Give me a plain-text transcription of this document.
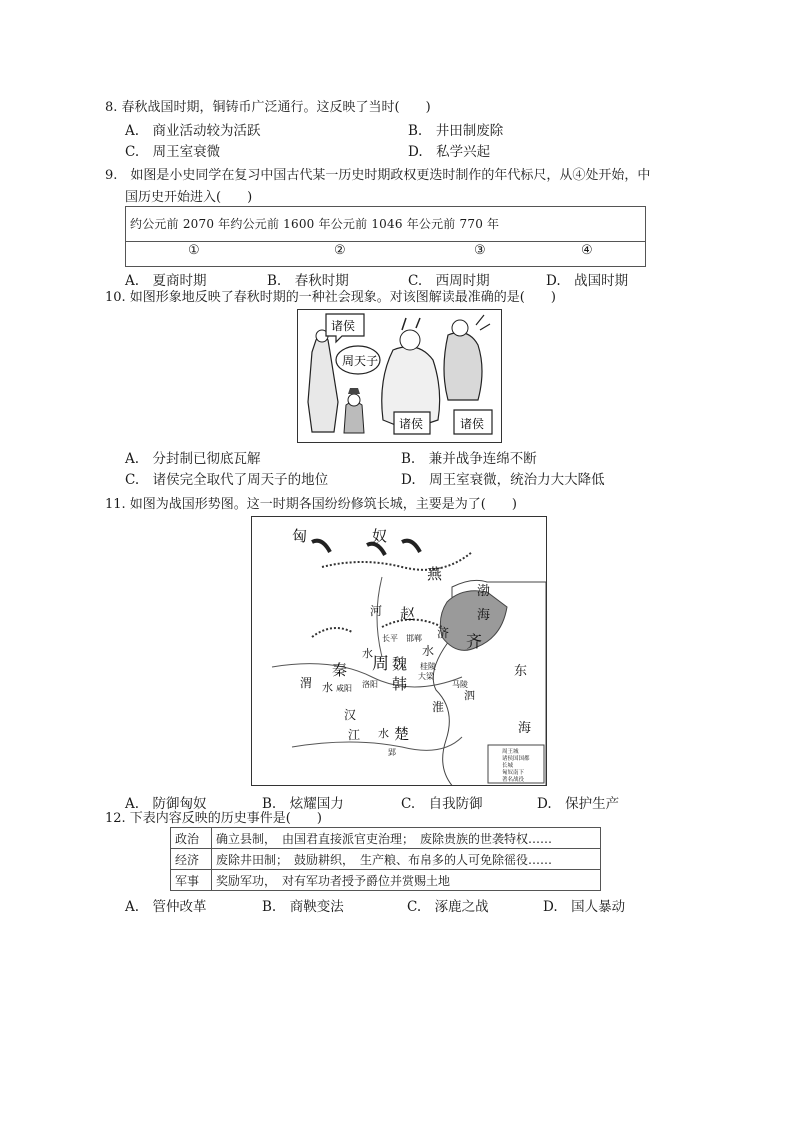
8. 春秋战国时期，铜铸币广泛通行。这反映了当时(　　)
A.　商业活动较为活跃	B.　井田制废除
C.　周王室衰微	D.　私学兴起
9.　如图是小史同学在复习中国古代某一历史时期政权更迭时制作的年代标尺，从④处开始，中
国历史开始进入(　　)
约公元前 2070 年约公元前 1600 年公元前 1046 年公元前 770 年
①	②	③	④
A.　夏商时期	B.　春秋时期	C.　西周时期	D.　战国时期
10. 如图形象地反映了春秋时期的一种社会现象。对该图解读最准确的是(　　)
诸侯
周天子
诸侯	诸侯
A.　分封制已彻底瓦解	B.　兼并战争连绵不断
C.　诸侯完全取代了周天子的地位	D.　周王室衰微，统治力大大降低
11. 如图为战国形势图。这一时期各国纷纷修筑长城，主要是为了(　　)
匈	奴
燕
渤
海
赵
河
齐
济
水
长平 邯郸
桂陵
大梁
秦 周 魏
韩
水
水
渭	咸阳 洛阳	马陵
东
海
淮
汉
江 楚
郢
水
泗
周王城
诸侯国国都
长城
匈奴南下
著名战役
A.　防御匈奴	B.　炫耀国力	C.　自我防御	D.　保护生产
12. 下表内容反映的历史事件是(　　)
政治	确立县制，　由国君直接派官吏治理；　废除贵族的世袭特权……
经济	废除井田制；　鼓励耕织，　生产粮、布帛多的人可免除徭役……
军事	奖励军功，　对有军功者授予爵位并赏赐土地
A.　管仲改革	B.　商鞅变法	C.　涿鹿之战	D.　国人暴动
